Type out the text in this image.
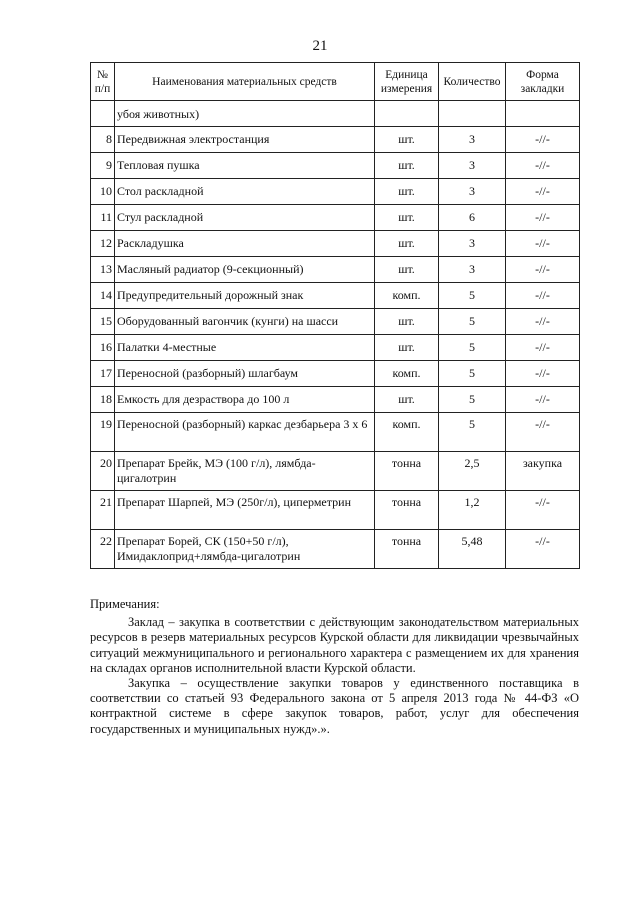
21
№ п/п	Наименования материальных средств	Единица измерения	Количество	Форма закладки
	убоя животных)			
8	Передвижная электростанция	шт.	3	-//-
9	Тепловая пушка	шт.	3	-//-
10	Стол раскладной	шт.	3	-//-
11	Стул раскладной	шт.	6	-//-
12	Раскладушка	шт.	3	-//-
13	Масляный радиатор (9-секционный)	шт.	3	-//-
14	Предупредительный дорожный знак	комп.	5	-//-
15	Оборудованный вагончик (кунги) на шасси	шт.	5	-//-
16	Палатки 4-местные	шт.	5	-//-
17	Переносной (разборный) шлагбаум	комп.	5	-//-
18	Емкость для дезраствора до 100 л	шт.	5	-//-
19	Переносной (разборный) каркас дезбарьера 3 х 6	комп.	5	-//-
20	Препарат Брейк, МЭ (100 г/л), лямбда-цигалотрин	тонна	2,5	закупка
21	Препарат Шарпей, МЭ (250г/л), циперметрин	тонна	1,2	-//-
22	Препарат Борей, СК (150+50 г/л), Имидаклоприд+лямбда-цигалотрин	тонна	5,48	-//-

Примечания:

Заклад – закупка в соответствии с действующим законодательством материальных ресурсов в резерв материальных ресурсов Курской области для ликвидации чрезвычайных ситуаций межмуниципального и регионального характера с размещением их для хранения на складах органов исполнительной власти Курской области.

Закупка – осуществление закупки товаров у единственного поставщика в соответствии со статьей 93 Федерального закона от 5 апреля 2013 года № 44-ФЗ «О контрактной системе в сфере закупок товаров, работ, услуг для обеспечения государственных и муниципальных нужд».».
